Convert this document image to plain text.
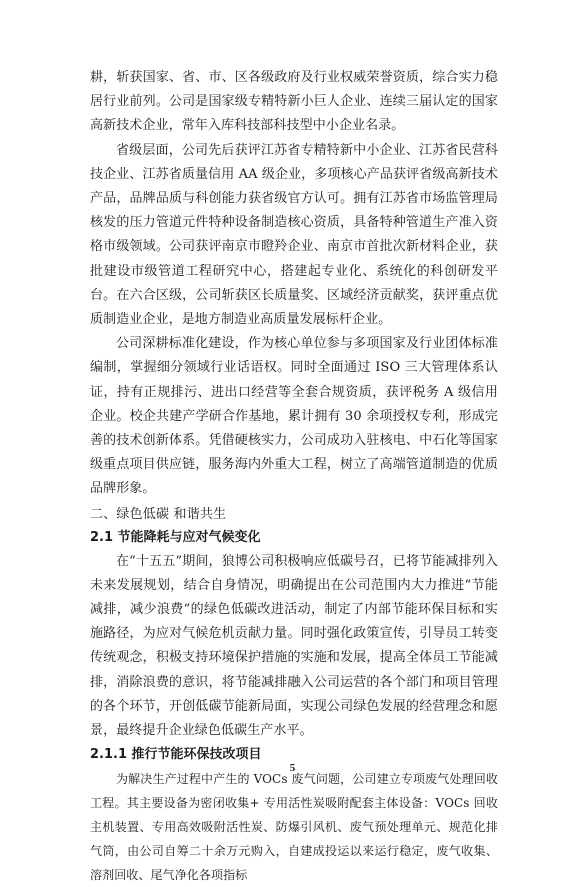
耕，斩获国家、省、市、区各级政府及行业权威荣誉资质，综合实力稳居行业前列。公司是国家级专精特新小巨人企业、连续三届认定的国家高新技术企业，常年入库科技部科技型中小企业名录。

省级层面，公司先后获评江苏省专精特新中小企业、江苏省民营科技企业、江苏省质量信用 AA 级企业，多项核心产品获评省级高新技术产品，品牌品质与科创能力获省级官方认可。拥有江苏省市场监管理局核发的压力管道元件特种设备制造核心资质，具备特种管道生产准入资格市级领域。公司获评南京市瞪羚企业、南京市首批次新材料企业，获批建设市级管道工程研究中心，搭建起专业化、系统化的科创研发平台。在六合区级，公司斩获区长质量奖、区域经济贡献奖，获评重点优质制造业企业，是地方制造业高质量发展标杆企业。

公司深耕标准化建设，作为核心单位参与多项国家及行业团体标准编制，掌握细分领域行业话语权。同时全面通过 ISO 三大管理体系认证，持有正规排污、进出口经营等全套合规资质，获评税务 A 级信用企业。校企共建产学研合作基地，累计拥有 30 余项授权专利，形成完善的技术创新体系。凭借硬核实力，公司成功入驻核电、中石化等国家级重点项目供应链，服务海内外重大工程，树立了高端管道制造的优质品牌形象。

二、绿色低碳 和谐共生
2.1 节能降耗与应对气候变化

在“十五五”期间，狼博公司积极响应低碳号召，已将节能减排列入未来发展规划，结合自身情况，明确提出在公司范围内大力推进“节能减排，减少浪费”的绿色低碳改进活动，制定了内部节能环保目标和实施路径，为应对气候危机贡献力量。同时强化政策宣传，引导员工转变传统观念，积极支持环境保护措施的实施和发展，提高全体员工节能减排，消除浪费的意识，将节能减排融入公司运营的各个部门和项目管理的各个环节，开创低碳节能新局面，实现公司绿色发展的经营理念和愿景，最终提升企业绿色低碳生产水平。

2.1.1 推行节能环保技改项目

为解决生产过程中产生的 VOCs 废气问题，公司建立专项废气处理回收工程。其主要设备为密闭收集+ 专用活性炭吸附配套主体设备：VOCs 回收主机装置、专用高效吸附活性炭、防爆引风机、废气预处理单元、规范化排气筒，由公司自筹二十余万元购入，自建成投运以来运行稳定，废气收集、溶剂回收、尾气净化各项指标

5
